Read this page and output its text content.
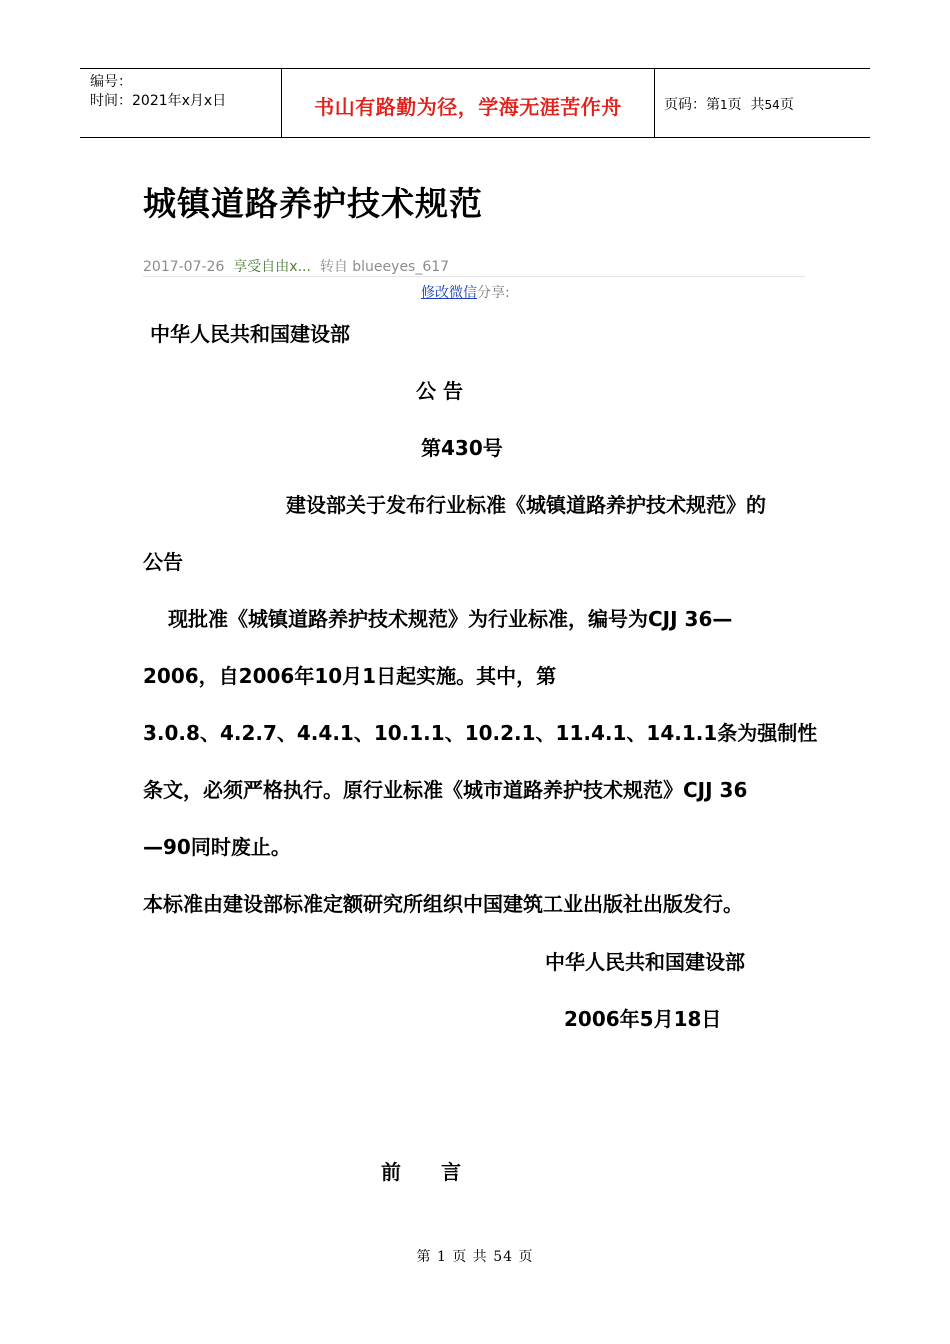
编号：
时间：2021年x月x日	书山有路勤为径，学海无涯苦作舟	页码：第1页  共54页
城镇道路养护技术规范
2017-07-26 享受自由x... 转自 blueeyes_617
修改微信分享:
中华人民共和国建设部
公 告
第430号
建设部关于发布行业标准《城镇道路养护技术规范》的
公告
现批准《城镇道路养护技术规范》为行业标准，编号为CJJ 36—
2006，自2006年10月1日起实施。其中，第
3.0.8、4.2.7、4.4.1、10.1.1、10.2.1、11.4.1、14.1.1条为强制性
条文，必须严格执行。原行业标准《城市道路养护技术规范》CJJ 36
—90同时废止。
本标准由建设部标准定额研究所组织中国建筑工业出版社出版发行。
中华人民共和国建设部
2006年5月18日
前　　言
第 1 页 共 54 页
